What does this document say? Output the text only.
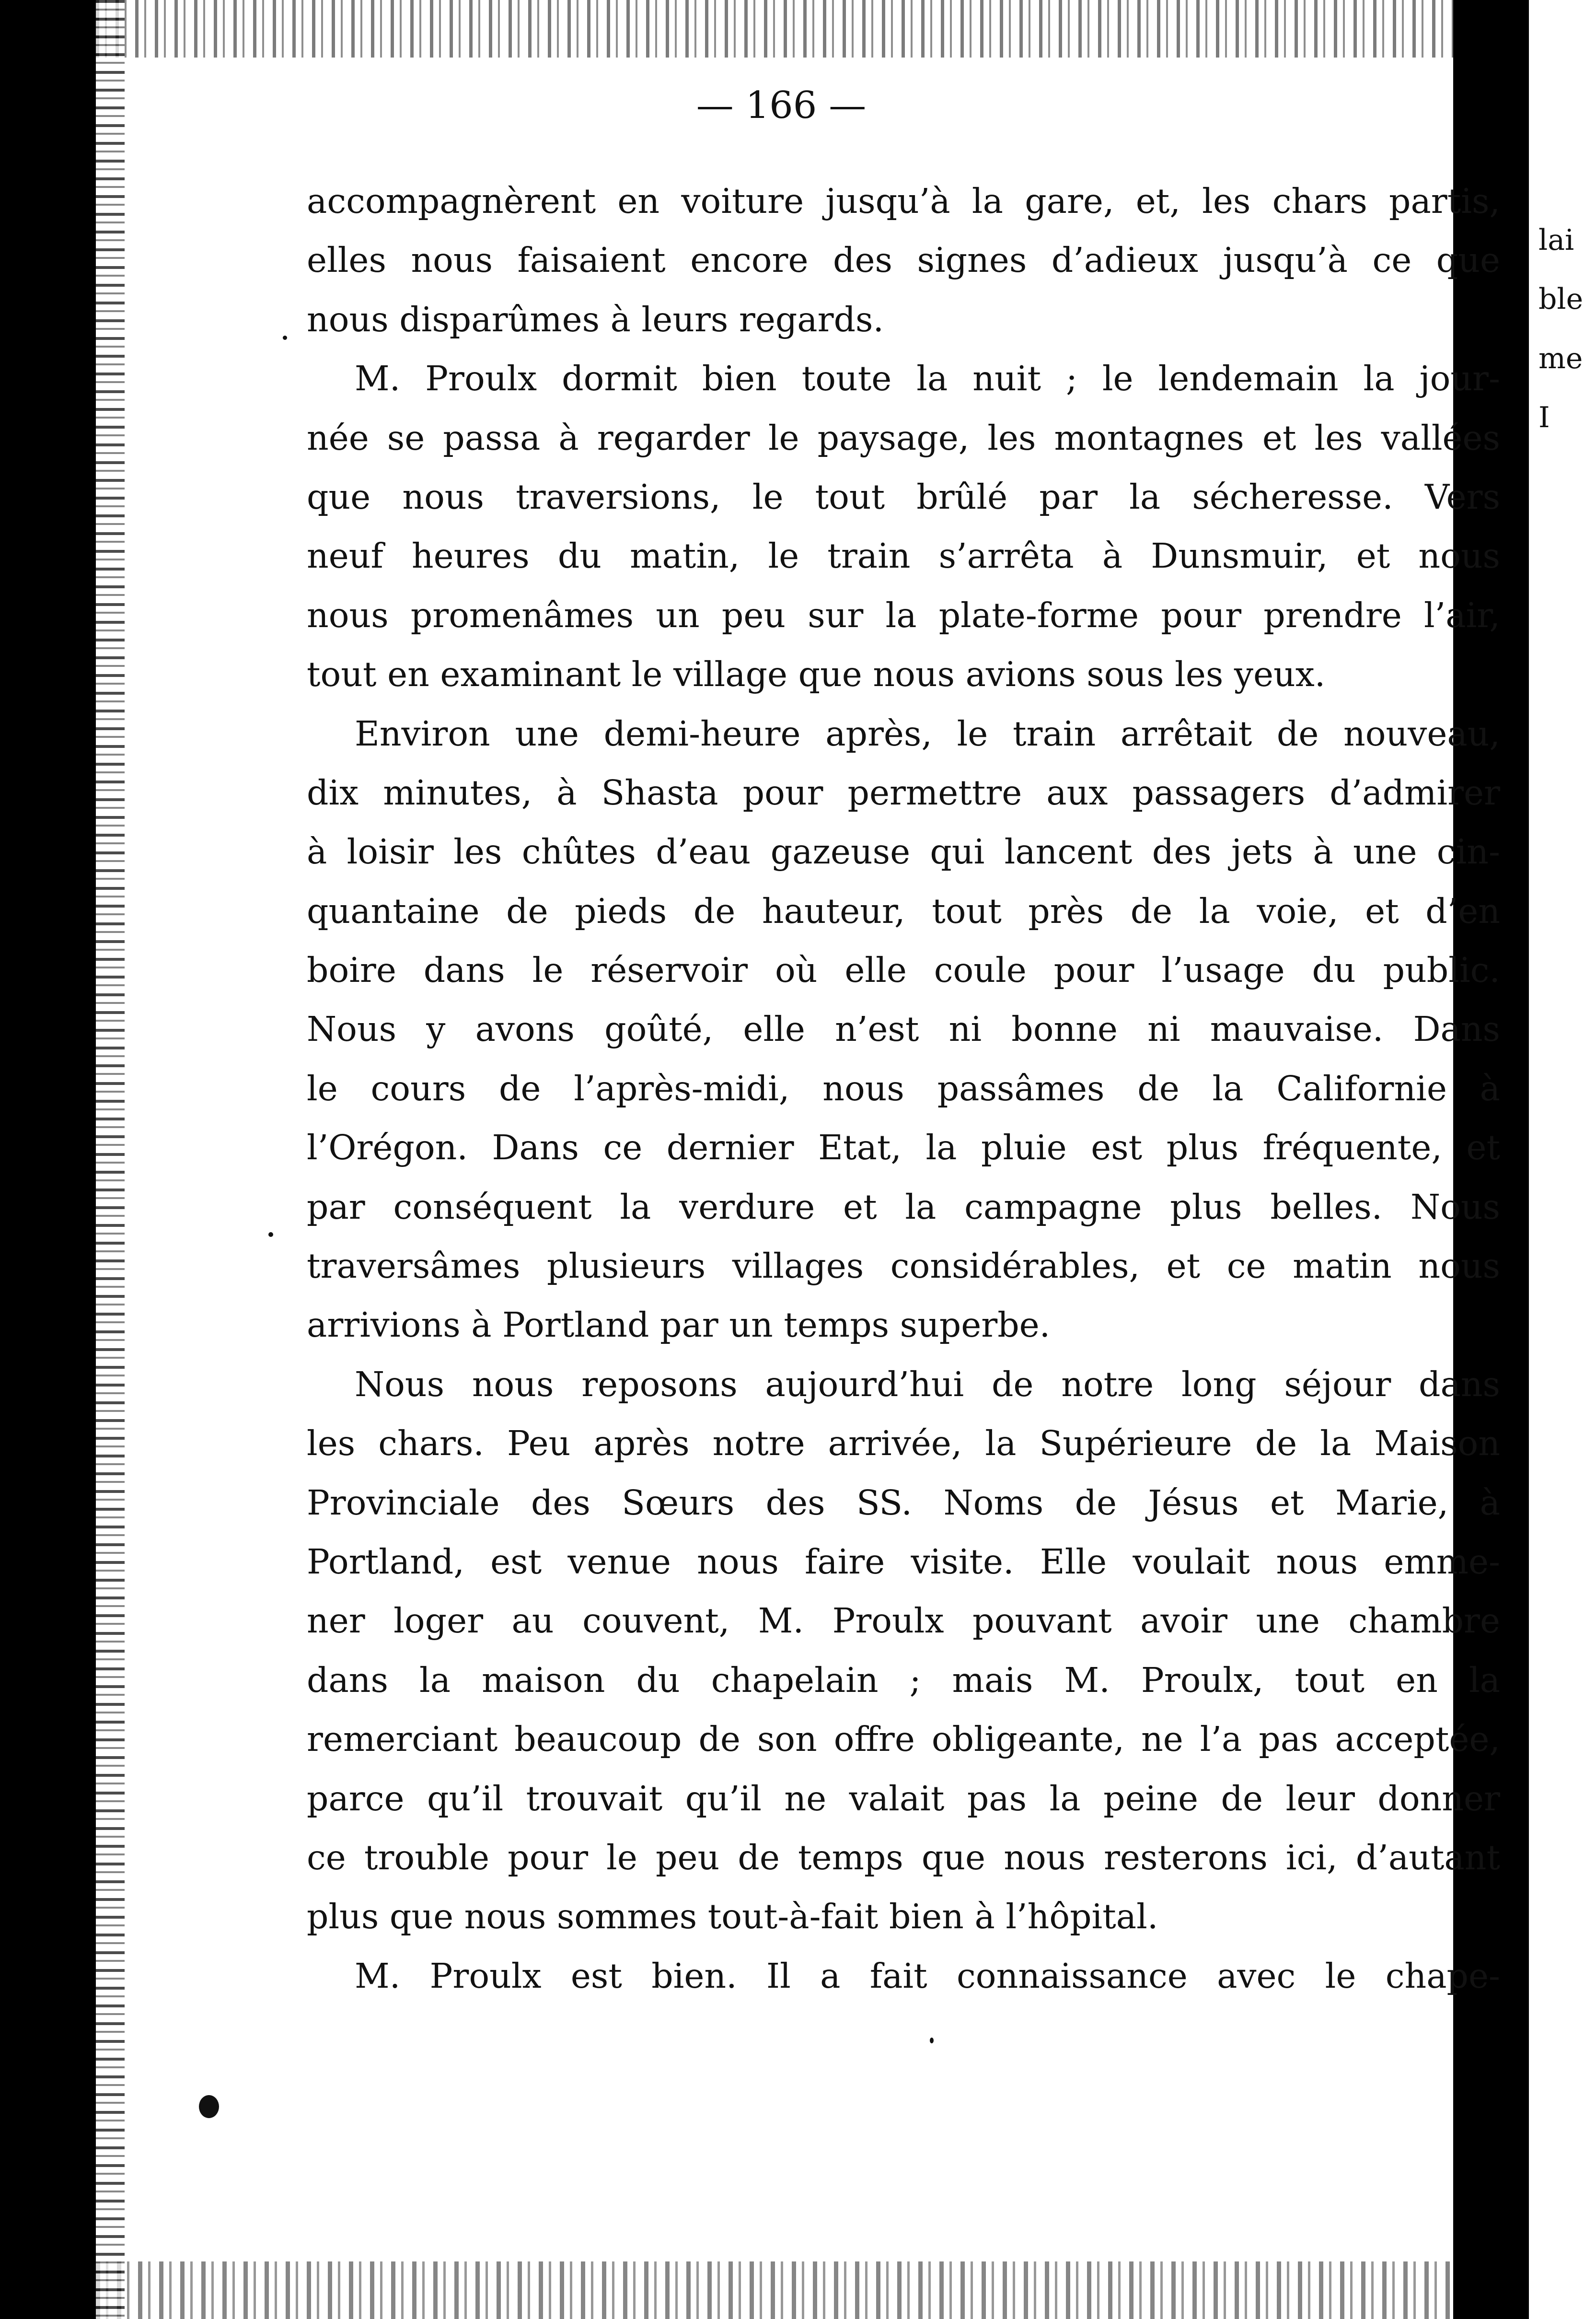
— 166 —
accompagnèrent en voiture jusqu’à la gare, et, les chars partis,
elles nous faisaient encore des signes d’adieux jusqu’à ce que
nous disparûmes à leurs regards.
M. Proulx dormit bien toute la nuit ; le lendemain la jour-
née se passa à regarder le paysage, les montagnes et les vallées
que nous traversions, le tout brûlé par la sécheresse. Vers
neuf heures du matin, le train s’arrêta à Dunsmuir, et nous
nous promenâmes un peu sur la plate-forme pour prendre l’air,
tout en examinant le village que nous avions sous les yeux.
Environ une demi-heure après, le train arrêtait de nouveau,
dix minutes, à Shasta pour permettre aux passagers d’admirer
à loisir les chûtes d’eau gazeuse qui lancent des jets à une cin-
quantaine de pieds de hauteur, tout près de la voie, et d’en
boire dans le réservoir où elle coule pour l’usage du public.
Nous y avons goûté, elle n’est ni bonne ni mauvaise. Dans
le cours de l’après-midi, nous passâmes de la Californie à
l’Orégon. Dans ce dernier Etat, la pluie est plus fréquente, et
par conséquent la verdure et la campagne plus belles. Nous
traversâmes plusieurs villages considérables, et ce matin nous
arrivions à Portland par un temps superbe.
Nous nous reposons aujourd’hui de notre long séjour dans
les chars. Peu après notre arrivée, la Supérieure de la Maison
Provinciale des Sœurs des SS. Noms de Jésus et Marie, à
Portland, est venue nous faire visite. Elle voulait nous emme-
ner loger au couvent, M. Proulx pouvant avoir une chambre
dans la maison du chapelain ; mais M. Proulx, tout en la
remerciant beaucoup de son offre obligeante, ne l’a pas acceptée,
parce qu’il trouvait qu’il ne valait pas la peine de leur donner
ce trouble pour le peu de temps que nous resterons ici, d’autant
plus que nous sommes tout-à-fait bien à l’hôpital.
M. Proulx est bien. Il a fait connaissance avec le chape-
lai
ble
me
I
